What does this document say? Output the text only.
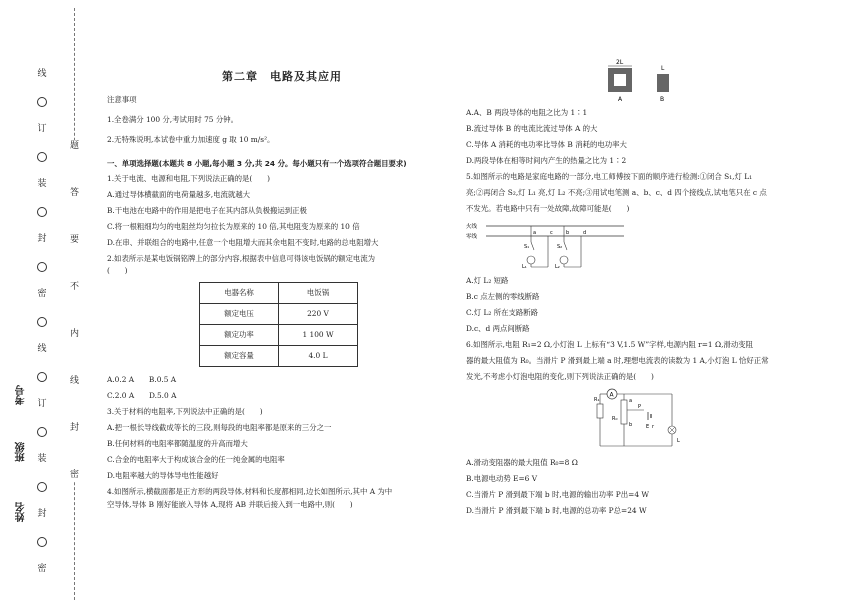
线
订
装
封
密
线
订
装
封
密
题
答
要
不
内
线
封
密
考号
班级
姓名
第二章　电路及其应用

注意事项

1.全卷满分 100 分,考试用时 75 分钟。

2.无特殊说明,本试卷中重力加速度 g 取 10 m/s²。

一、单项选择题(本题共 8 小题,每小题 3 分,共 24 分。每小题只有一个选项符合题目要求)

1.关于电流、电源和电阻,下列说法正确的是(　　)

A.通过导体横截面的电荷量越多,电流就越大

B.干电池在电路中的作用是把电子在其内部从负极搬运到正极

C.将一根粗细均匀的电阻丝均匀拉长为原来的 10 倍,其电阻变为原来的 10 倍

D.在串、并联组合的电路中,任意一个电阻增大而其余电阻不变时,电路的总电阻增大

2.如表所示是某电饭锅铭牌上的部分内容,根据表中信息可得该电饭锅的额定电流为

(　　)

电器名称	电饭锅
额定电压	220 V
额定功率	1 100 W
额定容量	4.0 L

A.0.2 A　　B.0.5 A

C.2.0 A　　D.5.0 A

3.关于材料的电阻率,下列说法中正确的是(　　)

A.把一根长导线截成等长的三段,则每段的电阻率都是原来的三分之一

B.任何材料的电阻率都随温度的升高而增大

C.合金的电阻率大于构成该合金的任一纯金属的电阻率

D.电阻率越大的导体导电性能越好

4.如图所示,横截面都是正方形的两段导体,材料和长度都相同,边长如图所示,其中 A 为中

空导体,导体 B 刚好能嵌入导体 A,现将 AB 并联后接入到一电路中,则(　　)

2L
A
L
B

A.A、B 两段导体的电阻之比为 1∶1

B.流过导体 B 的电流比流过导体 A 的大

C.导体 A 消耗的电功率比导体 B 消耗的电功率大

D.两段导体在相等时间内产生的热量之比为 1∶2

5.如图所示的电路是家庭电路的一部分,电工师傅按下面的顺序进行检测:①闭合 S₁,灯 L₁

亮;②再闭合 S₂,灯 L₁ 亮,灯 L₂ 不亮;③用试电笔测 a、b、c、d 四个接线点,试电笔只在 c 点

不发光。若电路中只有一处故障,故障可能是(　　)

火线
零线
S₁
L₁
a	c
S₂
L₂
b	d

A.灯 L₂ 短路

B.c 点左侧的零线断路

C.灯 L₂ 所在支路断路

D.c、d 两点间断路

6.如图所示,电阻 R₁=2 Ω,小灯泡 L 上标有“3 V,1.5 W”字样,电源内阻 r=1 Ω,滑动变阻

器的最大阻值为 R₀。当滑片 P 滑到最上端 a 时,理想电流表的读数为 1 A,小灯泡 L 恰好正常

发光,不考虑小灯泡电阻的变化,则下列说法正确的是(　　)

A
R₁
R₀
a
b
P
E r
L

A.滑动变阻器的最大阻值 R₀=8 Ω

B.电源电动势 E=6 V

C.当滑片 P 滑到最下端 b 时,电源的输出功率 P出=4 W

D.当滑片 P 滑到最下端 b 时,电源的总功率 P总=24 W
